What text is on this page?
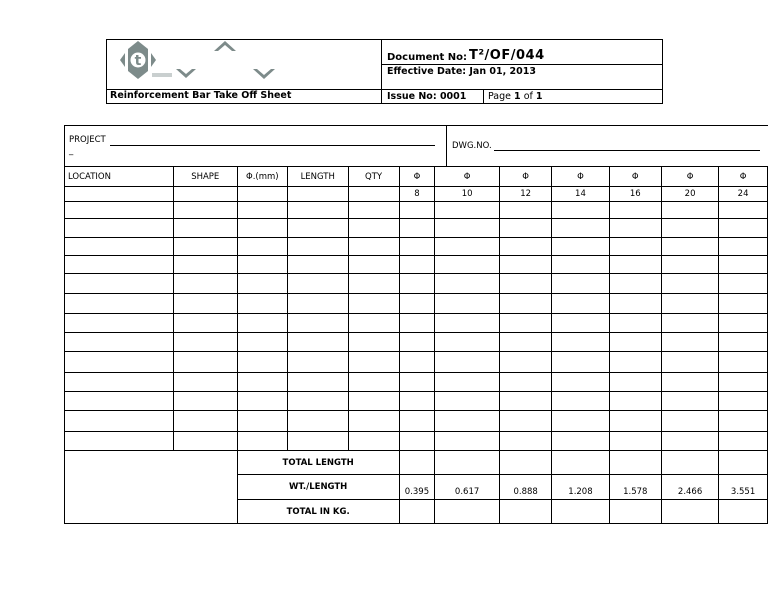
t	Document No: T²/OF/044
Effective Date: Jan 01, 2013
Reinforcement Bar Take Off Sheet	Issue No: 0001 Page 1 of 1
PROJECT
_	DWG.NO.
LOCATION	SHAPE	Φ.(mm)	LENGTH	QTY	Φ	Φ	Φ	Φ	Φ	Φ	Φ
					8	10	12	14	16	20	24

		TOTAL LENGTH									
		WT./LENGTH			0.395	0.617	0.888	1.208	1.578	2.466	3.551
		TOTAL IN KG.									
